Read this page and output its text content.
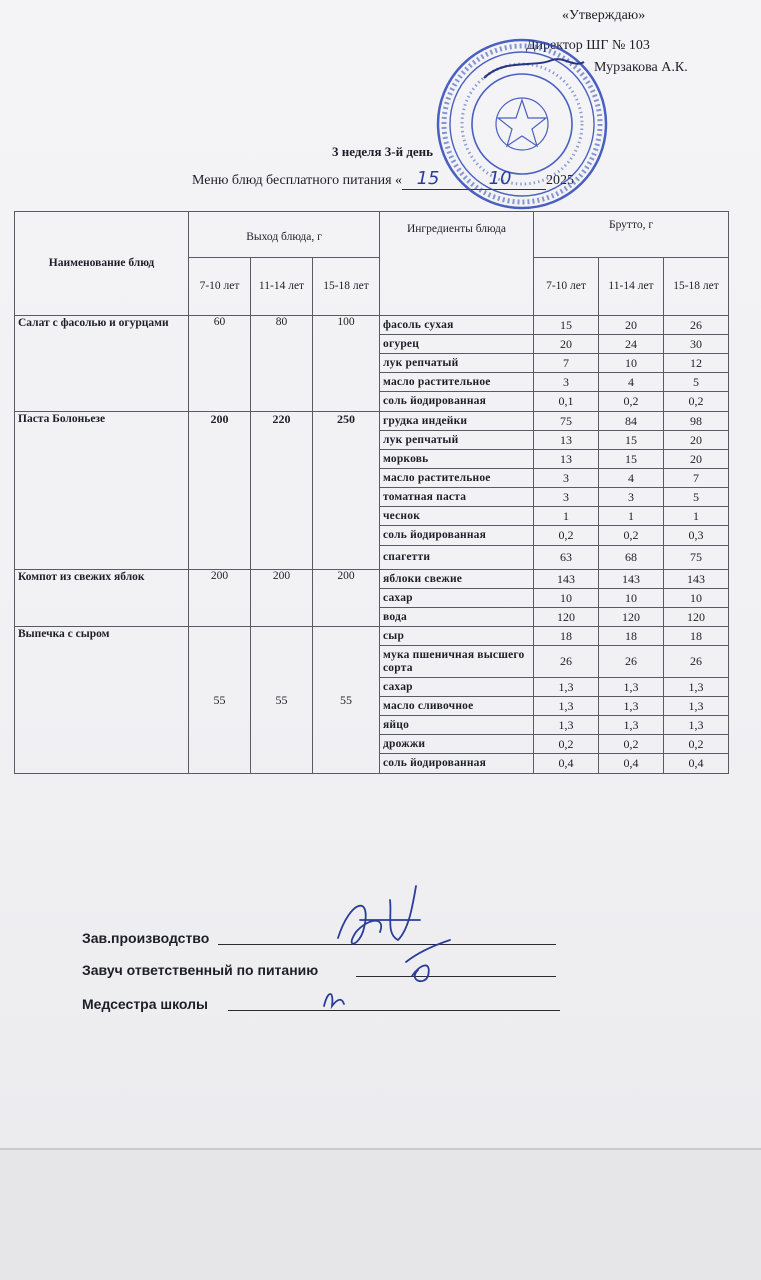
«Утверждаю»
Директор ШГ № 103
Мурзакова А.К.
3 неделя 3-й день
Меню блюд бесплатного питания « 15	10 2025
Наименование блюд	Выход блюда, г			Ингредиенты блюда	Брутто, г		
	7-10 лет	11-14 лет	15-18 лет		7-10 лет	11-14 лет	15-18 лет
Салат с фасолью и огурцами	60	80	100	фасоль сухая	15	20	26
				огурец	20	24	30
				лук репчатый	7	10	12
				масло растительное	3	4	5
				соль йодированная	0,1	0,2	0,2
Паста Болоньезе	200	220	250	грудка индейки	75	84	98
				лук репчатый	13	15	20
				морковь	13	15	20
				масло растительное	3	4	7
				томатная паста	3	3	5
				чеснок	1	1	1
				соль йодированная	0,2	0,2	0,3
				спагетти	63	68	75
Компот из свежих яблок	200	200	200	яблоки свежие	143	143	143
				сахар	10	10	10
				вода	120	120	120
Выпечка с сыром	55	55	55	сыр	18	18	18
				мука пшеничная высшего сорта	26	26	26
				сахар	1,3	1,3	1,3
				масло сливочное	1,3	1,3	1,3
				яйцо	1,3	1,3	1,3
				дрожжи	0,2	0,2	0,2
				соль йодированная	0,4	0,4	0,4
Зав.производство
Завуч ответственный по питанию
Медсестра школы
